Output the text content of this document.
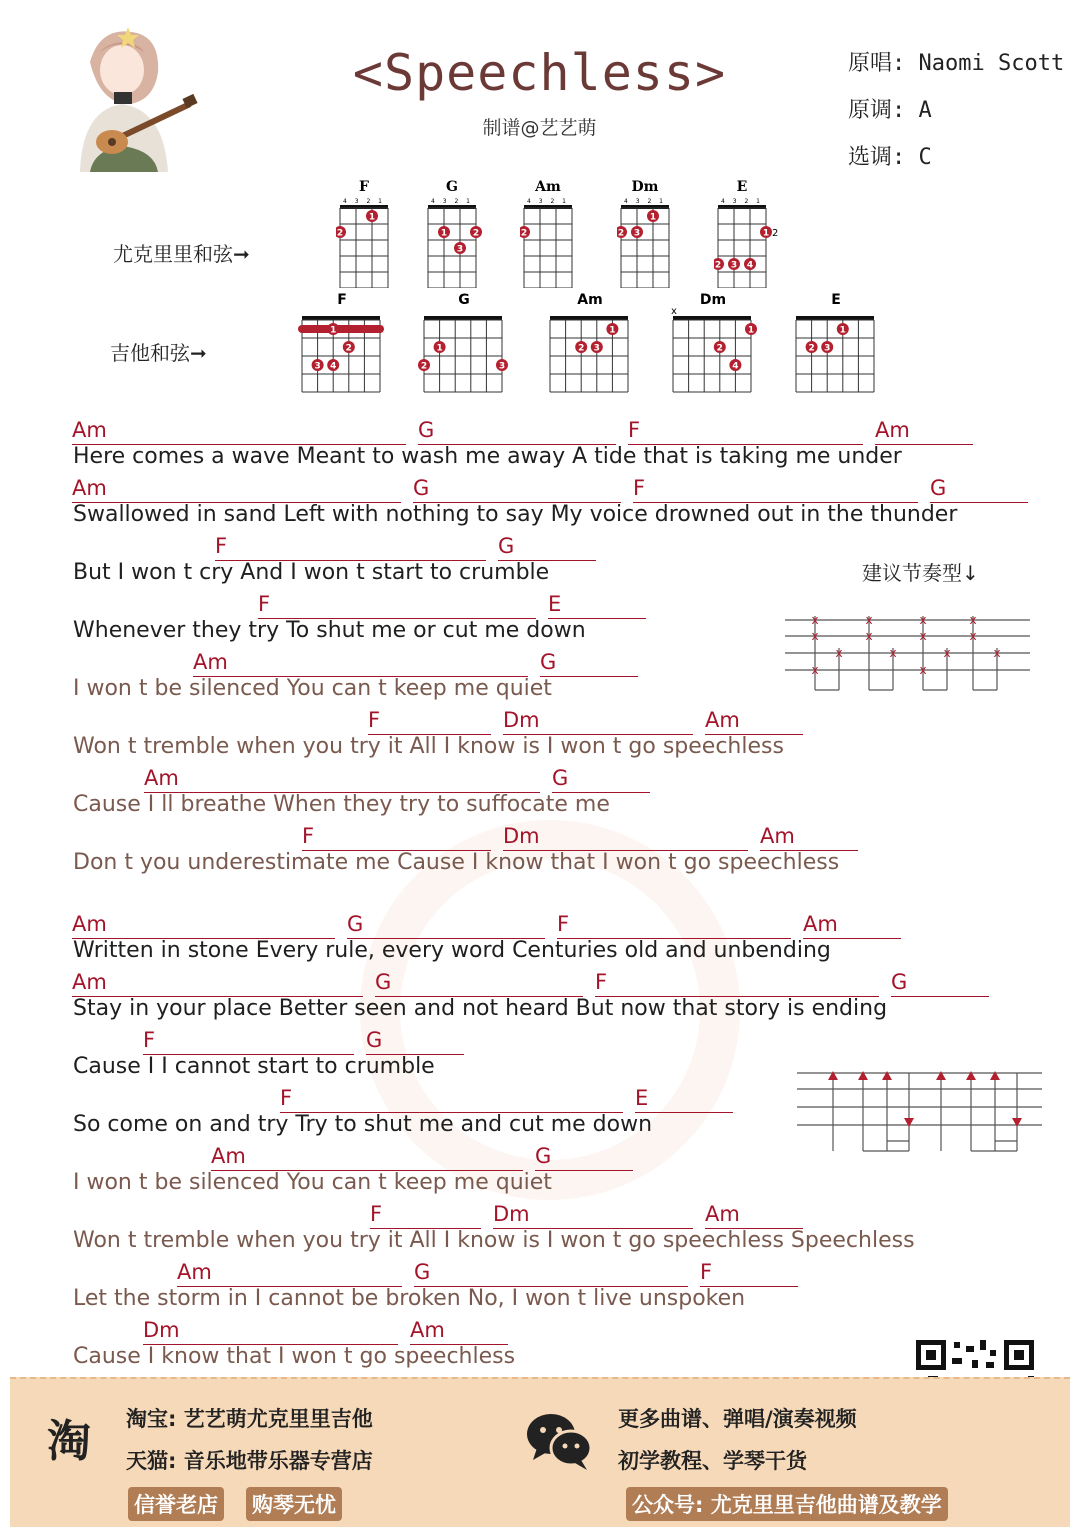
<Speechless>
制谱@艺艺萌
原唱: Naomi Scott
原调: A
选调: C
尤克里里和弦➞
吉他和弦➞
F
4 3 2 1
2
1
G
4 3 2 1
1	2
3
Am
4 3 2 1
2
Dm
4 3 2 1
2 3
1
E
4 3 2 1
2
1
2 3 4
F
1
2
3 4
G
1
2	3
Am
1
2 3
Dm
x
1
2
4
E
1
2 3
Am	G	F	Am
Here comes a wave Meant to wash me away A tide that is taking me under
Am	G	F	G
Swallowed in sand Left with nothing to say My voice drowned out in the thunder
F	G
But I won t cry And I won t start to crumble
F	E
Whenever they try To shut me or cut me down
Am	G
I won t be silenced You can t keep me quiet
F	Dm	Am
Won t tremble when you try it All I know is I won t go speechless
Am	G
Cause I ll breathe When they try to suffocate me
F	Dm	Am
Don t you underestimate me Cause I know that I won t go speechless
Am	G	F	Am
Written in stone Every rule, every word Centuries old and unbending
Am	G	F	G
Stay in your place Better seen and not heard But now that story is ending
F	G
Cause I I cannot start to crumble
F	E
So come on and try Try to shut me and cut me down
Am	G
I won t be silenced You can t keep me quiet
F	Dm	Am
Won t tremble when you try it All I know is I won t go speechless Speechless
Am	G	F
Let the storm in I cannot be broken No, I won t live unspoken
Dm	Am
Cause I know that I won t go speechless
建议节奏型↓
x
x
x
x
x
x
x
x
x
x
x
x
x
x
淘 淘宝: 艺艺萌尤克里里吉他
天猫: 音乐地带乐器专营店
信誉老店 购琴无忧
更多曲谱、弹唱/演奏视频
初学教程、学琴干货
公众号: 尤克里里吉他曲谱及教学
